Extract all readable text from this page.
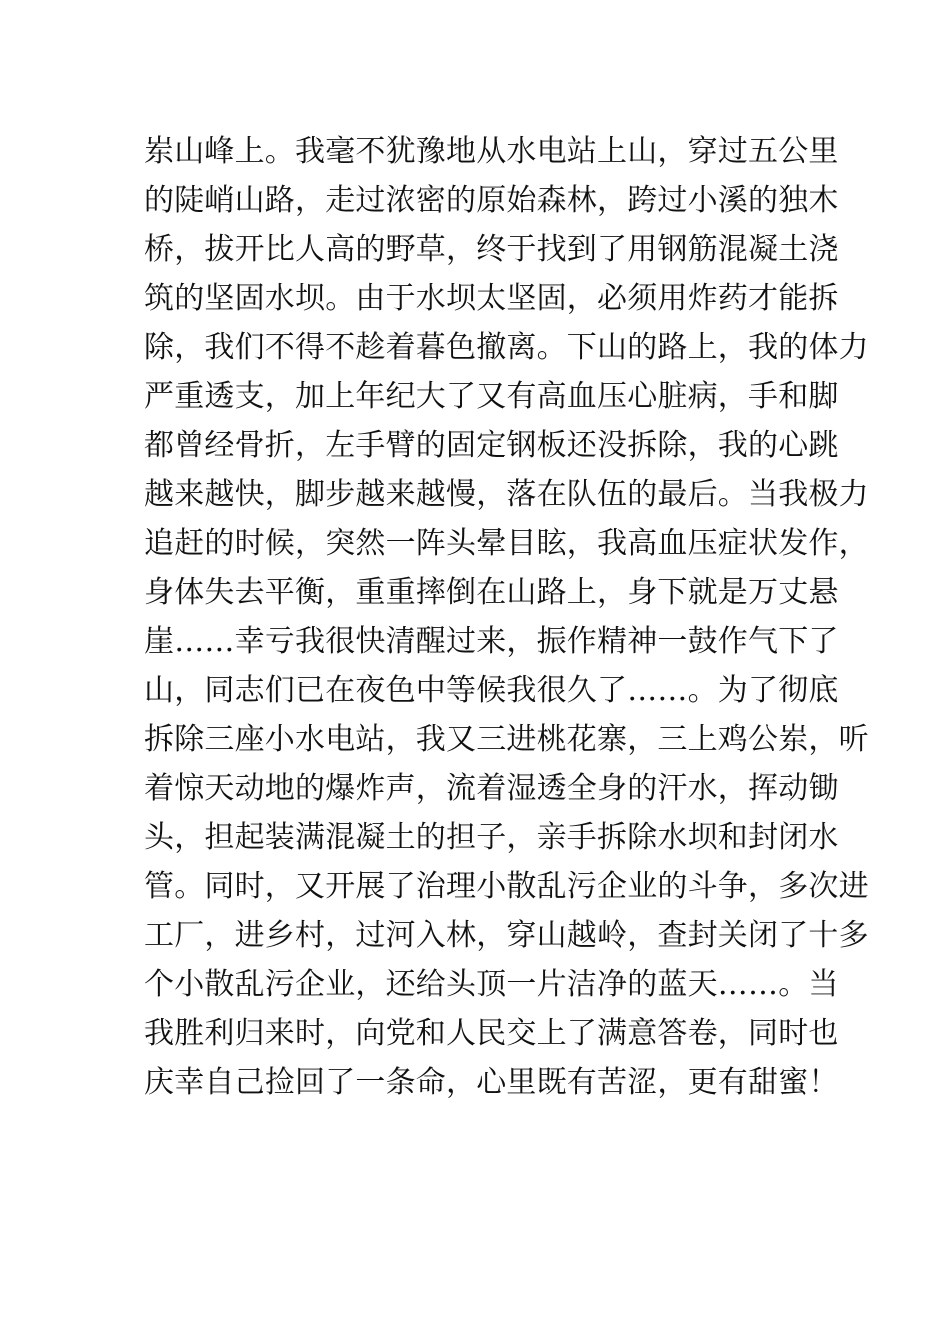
岽山峰上。我毫不犹豫地从水电站上山，穿过五公里
的陡峭山路，走过浓密的原始森林，跨过小溪的独木
桥，拔开比人高的野草，终于找到了用钢筋混凝土浇
筑的坚固水坝。由于水坝太坚固，必须用炸药才能拆
除，我们不得不趁着暮色撤离。下山的路上，我的体力
严重透支，加上年纪大了又有高血压心脏病，手和脚
都曾经骨折，左手臂的固定钢板还没拆除，我的心跳
越来越快，脚步越来越慢，落在队伍的最后。当我极力
追赶的时候，突然一阵头晕目眩，我高血压症状发作，
身体失去平衡，重重摔倒在山路上，身下就是万丈悬
崖……幸亏我很快清醒过来，振作精神一鼓作气下了
山，同志们已在夜色中等候我很久了……。为了彻底
拆除三座小水电站，我又三进桃花寨，三上鸡公岽，听
着惊天动地的爆炸声，流着湿透全身的汗水，挥动锄
头，担起装满混凝土的担子，亲手拆除水坝和封闭水
管。同时，又开展了治理小散乱污企业的斗争，多次进
工厂，进乡村，过河入林，穿山越岭，查封关闭了十多
个小散乱污企业，还给头顶一片洁净的蓝天……。当
我胜利归来时，向党和人民交上了满意答卷，同时也
庆幸自己捡回了一条命，心里既有苦涩，更有甜蜜！
